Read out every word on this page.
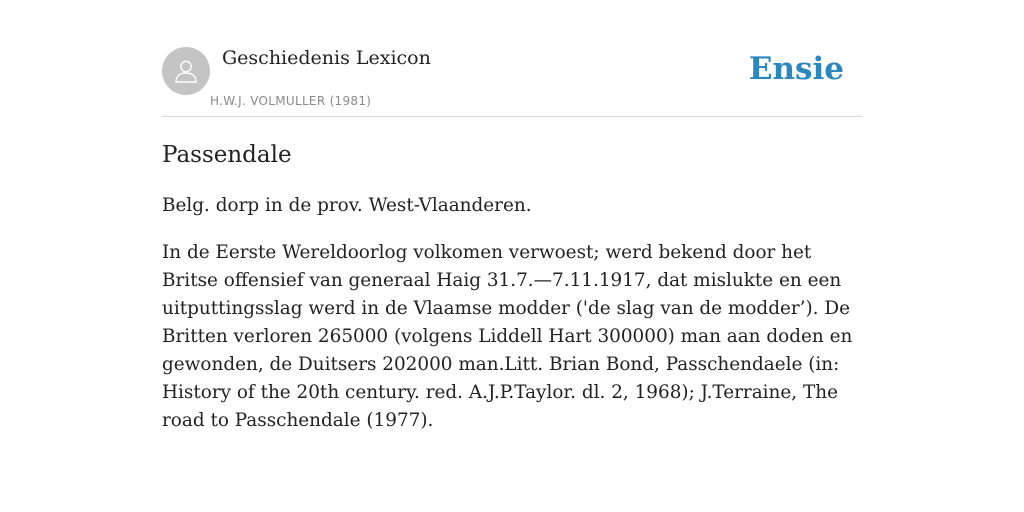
Geschiedenis Lexicon
H.W.J. VOLMULLER (1981)
Ensie
Passendale

Belg. dorp in de prov. West-Vlaanderen.

In de Eerste Wereldoorlog volkomen verwoest; werd bekend door het Britse offensief van generaal Haig 31.7.—7.11.1917, dat mislukte en een uitputtingsslag werd in de Vlaamse modder ('de slag van de modder’). De Britten verloren 265000 (volgens Liddell Hart 300000) man aan doden en gewonden, de Duitsers 202000 man.Litt. Brian Bond, Passchendaele (in: History of the 20th century. red. A.J.P.Taylor. dl. 2, 1968); J.Terraine, The road to Passchendale (1977).
